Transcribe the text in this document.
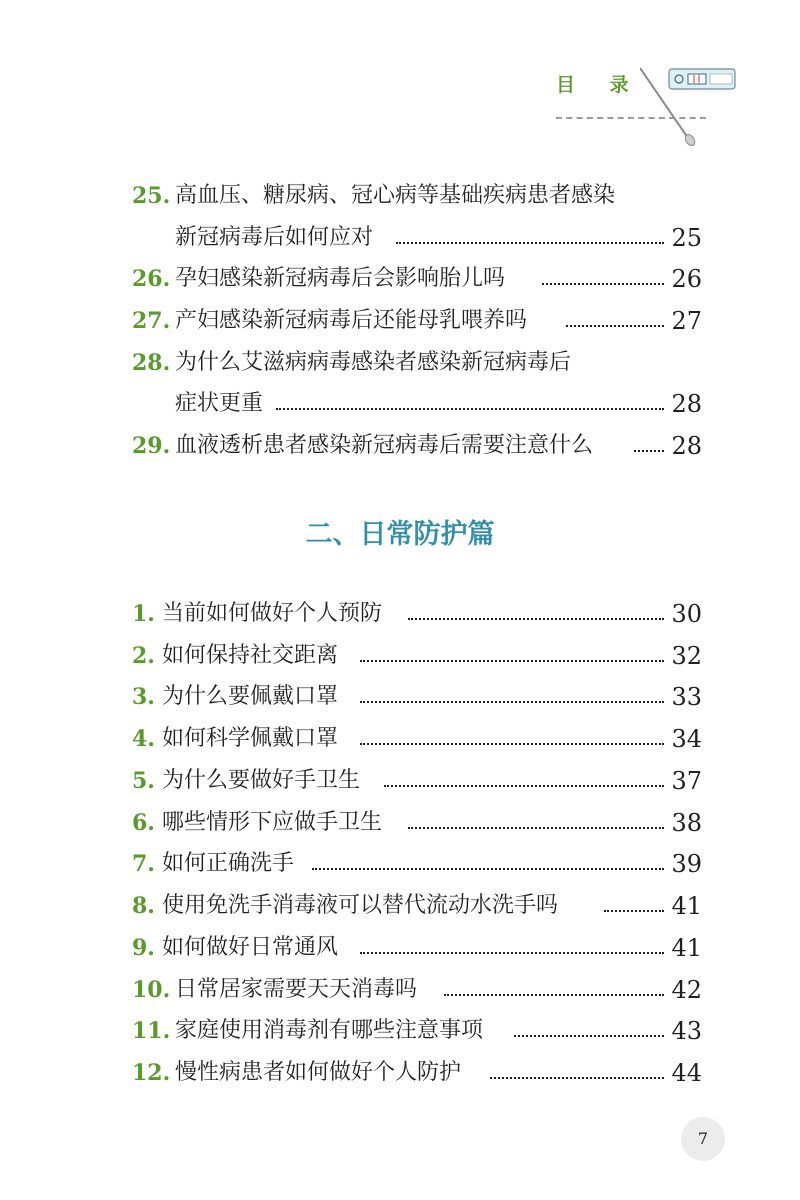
目 录
25. 高血压、糖尿病、冠心病等基础疾病患者感染
新冠病毒后如何应对	25
26. 孕妇感染新冠病毒后会影响胎儿吗	26
27. 产妇感染新冠病毒后还能母乳喂养吗	27
28. 为什么艾滋病病毒感染者感染新冠病毒后
症状更重	28
29. 血液透析患者感染新冠病毒后需要注意什么	28
二、日常防护篇
1. 当前如何做好个人预防	30
2. 如何保持社交距离	32
3. 为什么要佩戴口罩	33
4. 如何科学佩戴口罩	34
5. 为什么要做好手卫生	37
6. 哪些情形下应做手卫生	38
7. 如何正确洗手	39
8. 使用免洗手消毒液可以替代流动水洗手吗	41
9. 如何做好日常通风	41
10. 日常居家需要天天消毒吗	42
11. 家庭使用消毒剂有哪些注意事项	43
12. 慢性病患者如何做好个人防护	44
7
